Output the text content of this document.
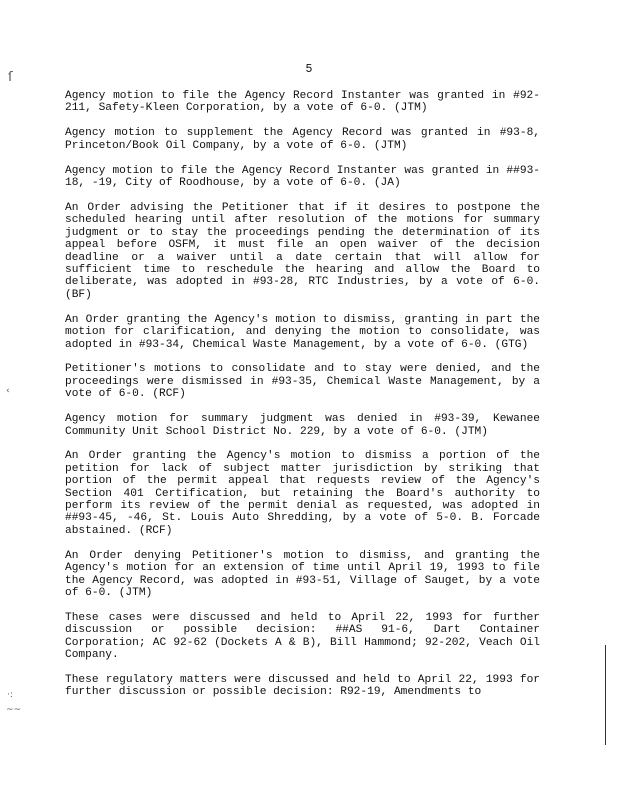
5
ſ
‹
·:
~~

Agency motion to file the Agency Record Instanter was granted in #92-211, Safety-Kleen Corporation, by a vote of 6-0. (JTM)

Agency motion to supplement the Agency Record was granted in #93-8, Princeton/Book Oil Company, by a vote of 6-0. (JTM)

Agency motion to file the Agency Record Instanter was granted in ##93-18, -19, City of Roodhouse, by a vote of 6-0. (JA)

An Order advising the Petitioner that if it desires to postpone the scheduled hearing until after resolution of the motions for summary judgment or to stay the proceedings pending the determination of its appeal before OSFM, it must file an open waiver of the decision deadline or a waiver until a date certain that will allow for sufficient time to reschedule the hearing and allow the Board to deliberate, was adopted in #93-28, RTC Industries, by a vote of 6-0. (BF)

An Order granting the Agency's motion to dismiss, granting in part the motion for clarification, and denying the motion to consolidate, was adopted in #93-34, Chemical Waste Management, by a vote of 6-0. (GTG)

Petitioner's motions to consolidate and to stay were denied, and the proceedings were dismissed in #93-35, Chemical Waste Management, by a vote of 6-0. (RCF)

Agency motion for summary judgment was denied in #93-39, Kewanee Community Unit School District No. 229, by a vote of 6-0. (JTM)

An Order granting the Agency's motion to dismiss a portion of the petition for lack of subject matter jurisdiction by striking that portion of the permit appeal that requests review of the Agency's Section 401 Certification, but retaining the Board's authority to perform its review of the permit denial as requested, was adopted in ##93-45, -46, St. Louis Auto Shredding, by a vote of 5-0. B. Forcade abstained. (RCF)

An Order denying Petitioner's motion to dismiss, and granting the Agency's motion for an extension of time until April 19, 1993 to file the Agency Record, was adopted in #93-51, Village of Sauget, by a vote of 6-0. (JTM)

These cases were discussed and held to April 22, 1993 for further discussion or possible decision: ##AS 91-6, Dart Container Corporation; AC 92-62 (Dockets A & B), Bill Hammond; 92-202, Veach Oil Company.

These regulatory matters were discussed and held to April 22, 1993 for further discussion or possible decision: R92-19, Amendments to
